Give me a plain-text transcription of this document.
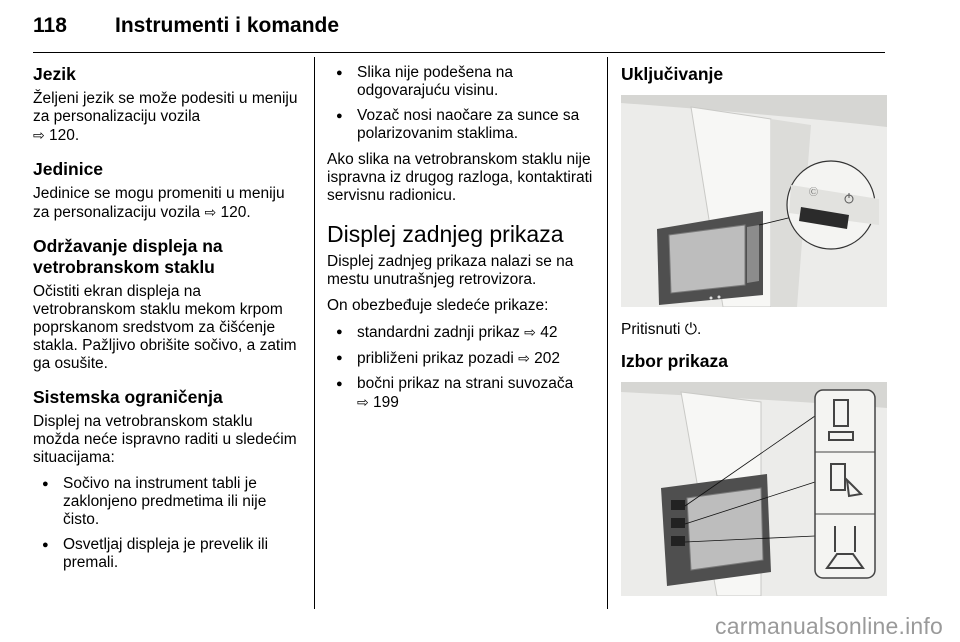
118 Instrumenti i komande
Jezik

Željeni jezik se može podesiti u meniju za personalizaciju vozila
⇨ 120.

Jedinice

Jedinice se mogu promeniti u meniju za personalizaciju vozila ⇨ 120.

Održavanje displeja na vetrobranskom staklu

Očistiti ekran displeja na vetrobranskom staklu mekom krpom poprskanom sredstvom za čišćenje stakla. Pažljivo obrišite sočivo, a zatim ga osušite.

Sistemska ograničenja

Displej na vetrobranskom staklu možda neće ispravno raditi u sledećim situacijama:

● Sočivo na instrument tabli je zaklonjeno predmetima ili nije čisto.
● Osvetljaj displeja je prevelik ili premali.
● Slika nije podešena na odgovarajuću visinu.
● Vozač nosi naočare za sunce sa polarizovanim staklima.

Ako slika na vetrobranskom staklu nije ispravna iz drugog razloga, kontaktirati servisnu radionicu.

Displej zadnjeg prikaza

Displej zadnjeg prikaza nalazi se na mestu unutrašnjeg retrovizora.

On obezbeđuje sledeće prikaze:

● standardni zadnji prikaz ⇨ 42
● približeni prikaz pozadi ⇨ 202
● bočni prikaz na strani suvozača
⇨ 199
Uključivanje
Ⓒ

Pritisnuti ⏻.

Izbor prikaza
carmanualsonline.info
